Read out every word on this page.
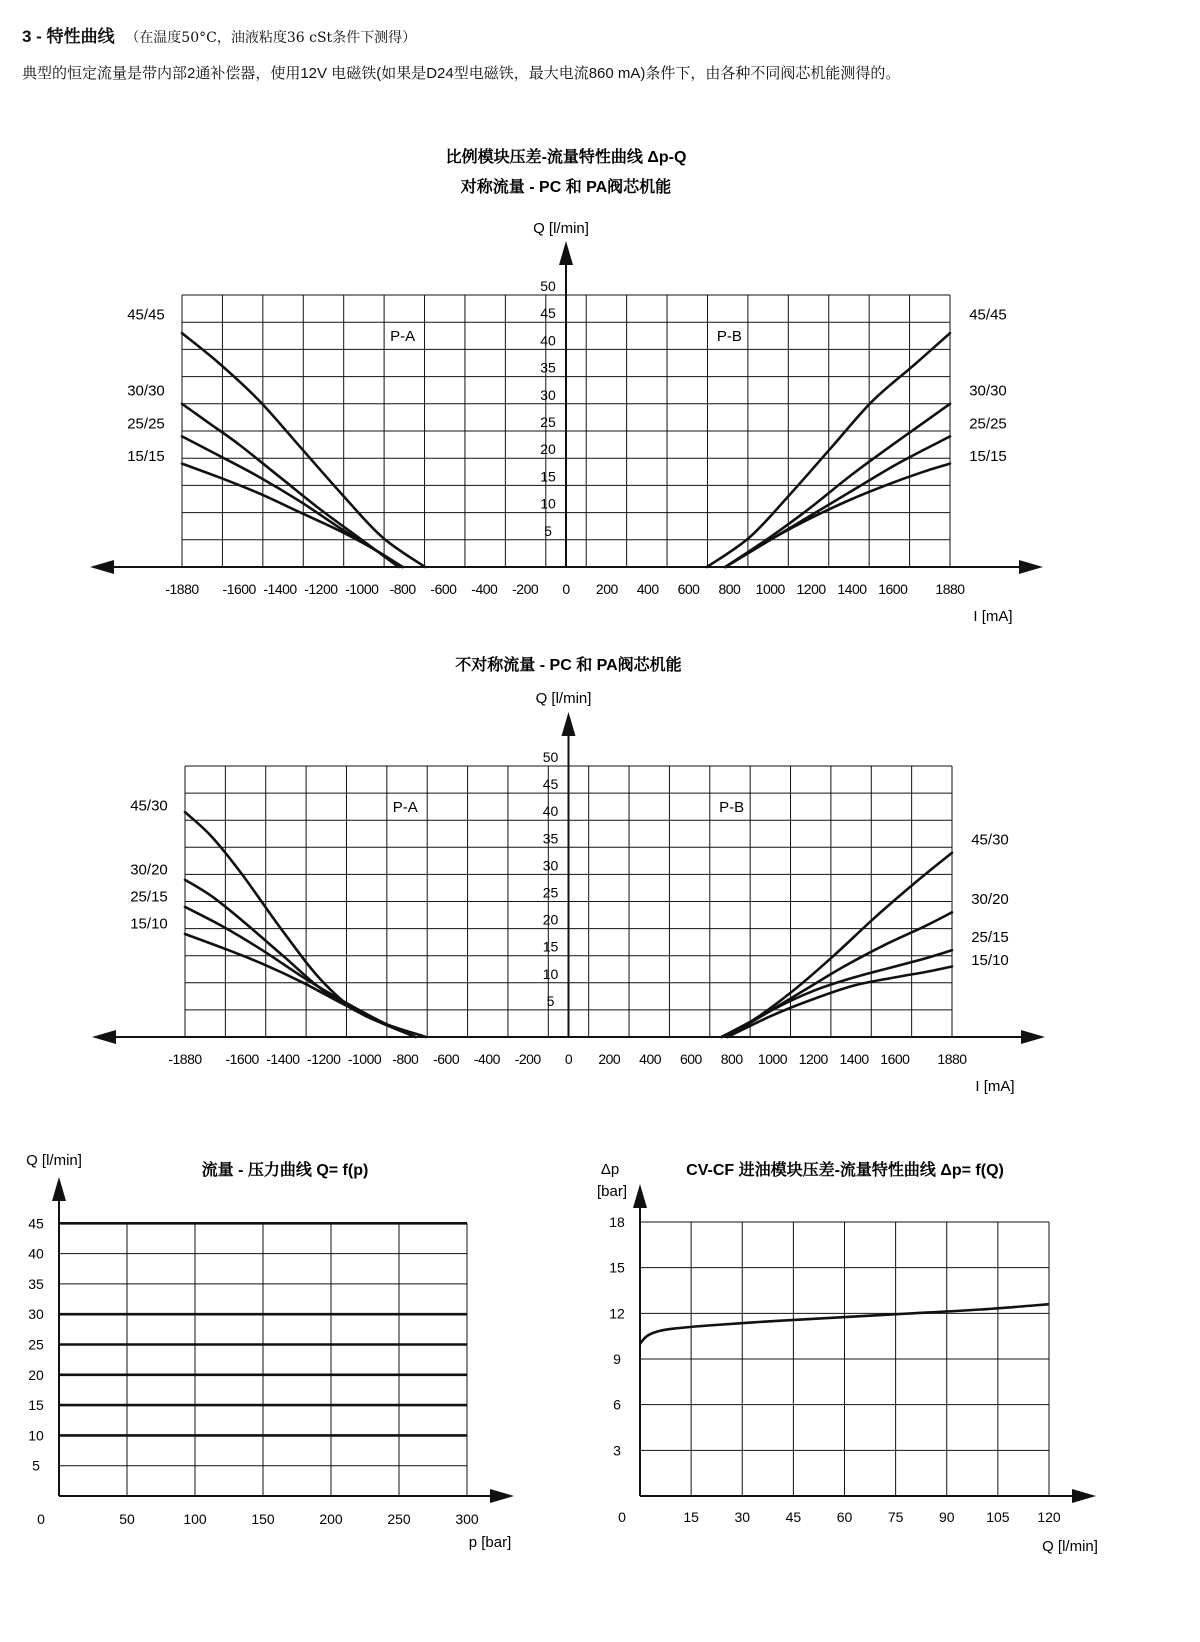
3 - 特性曲线 （在温度50°C，油液粘度36 cSt条件下测得）
典型的恒定流量是带内部2通补偿器，使用12V 电磁铁(如果是D24型电磁铁，最大电流860 mA)条件下，由各种不同阀芯机能测得的。
比例模块压差-流量特性曲线 Δp-Q
对称流量 - PC 和 PA阀芯机能
Q [l/min]
5
10
15
20
25
30
35
40
45
50
-1880 -1600 -1400 -1200 -1000 -800 -600 -400 -200 0 200 400 600 800 1000 1200 1400 1600 1880
I [mA]
P-A	P-B
45/45
30/30
25/25
15/15
45/45
30/30
25/25
15/15
不对称流量 - PC 和 PA阀芯机能
Q [l/min]
5
10
15
20
25
30
35
40
45
50
-1880 -1600 -1400 -1200 -1000 -800 -600 -400 -200 0 200 400 600 800 1000 1200 1400 1600 1880
I [mA]
P-A	P-B
45/30
30/20
25/15
15/10
45/30
30/20
25/15
15/10
流量 - 压力曲线 Q= f(p)
Q [l/min]
5
10
15
20
25
30
35
40
45
0	50	100	150	200	250	300
p [bar]
CV-CF 进油模块压差-流量特性曲线 Δp= f(Q)
Δp
[bar]
3
6
9
12
15
18
0	15	30	45	60	75	90 105 120
Q [l/min]
